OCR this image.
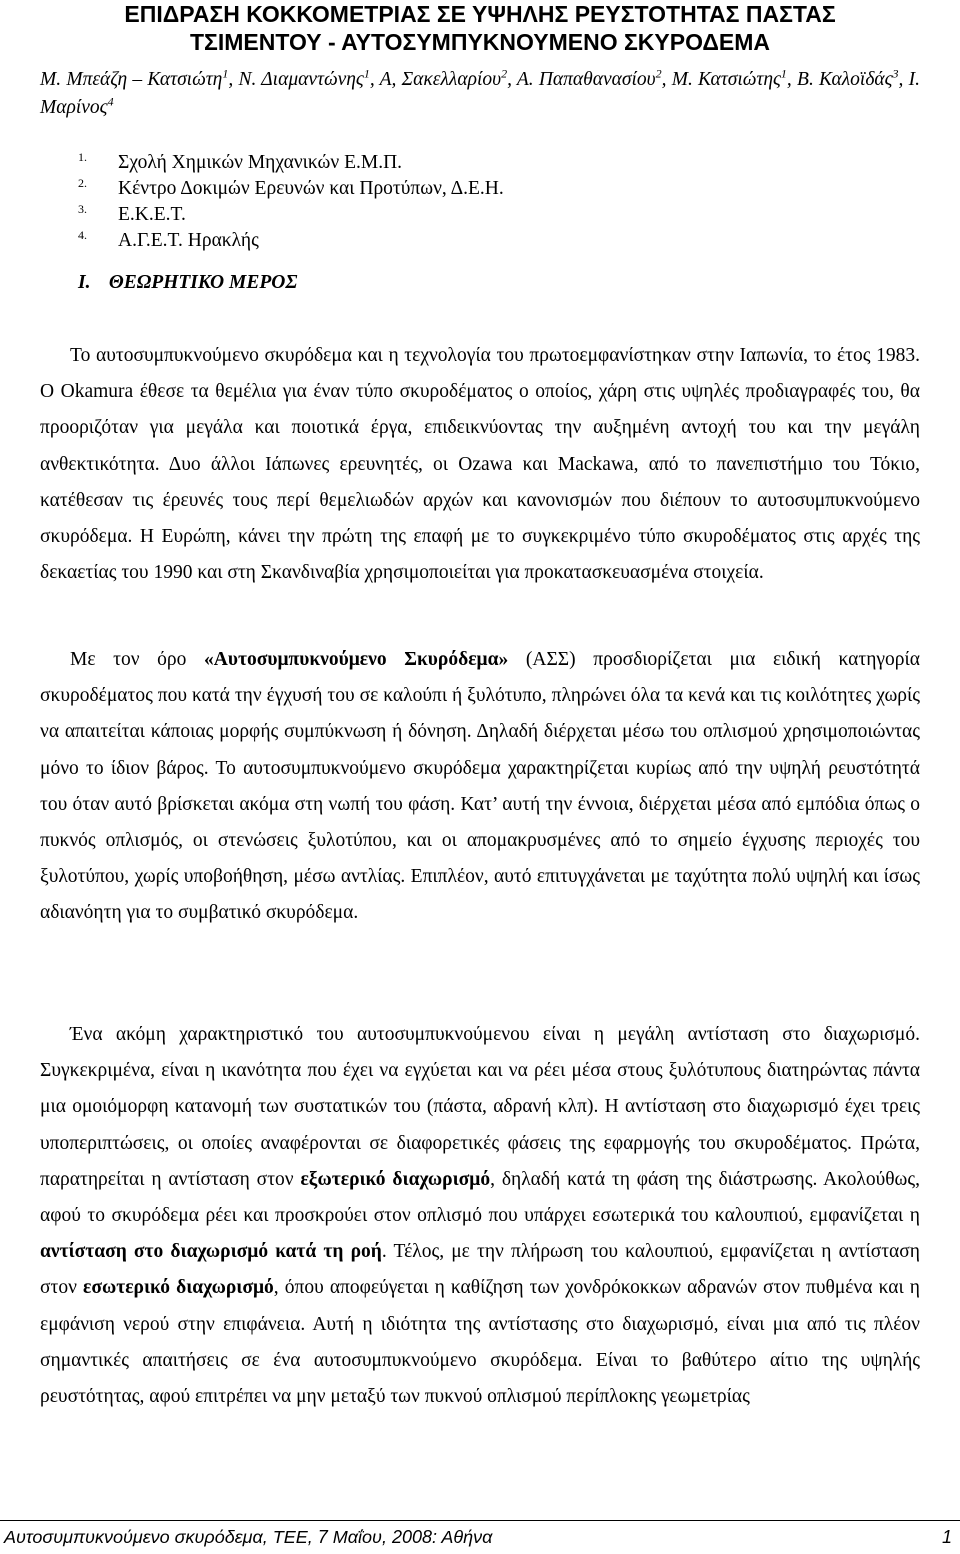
ΕΠΙΔΡΑΣΗ ΚΟΚΚΟΜΕΤΡΙΑΣ ΣΕ ΥΨΗΛΗΣ ΡΕΥΣΤΟΤΗΤΑΣ ΠΑΣΤΑΣ
ΤΣΙΜΕΝΤΟΥ - ΑΥΤΟΣΥΜΠΥΚΝΟΥΜΕΝΟ ΣΚΥΡΟΔΕΜΑ
Μ. Μπεάζη – Κατσιώτη$^1$, Ν. Διαμαντώνης$^1$, Α, Σακελλαρίου$^2$, Α. Παπαθανασίου$^2$, Μ. Κατσιώτης$^1$, Β. Καλοϊδάς$^3$, Ι. Μαρίνος$^4$
1. Σχολή Χημικών Μηχανικών Ε.Μ.Π.
2. Κέντρο Δοκιμών Ερευνών και Προτύπων, Δ.Ε.Η.
3. Ε.Κ.Ε.Τ.
4. Α.Γ.Ε.Τ. Ηρακλής
Ι. ΘΕΩΡΗΤΙΚΟ ΜΕΡΟΣ

Το αυτοσυμπυκνούμενο σκυρόδεμα και η τεχνολογία του πρωτοεμφανίστηκαν στην Ιαπωνία, το έτος 1983. Ο Okamura έθεσε τα θεμέλια για έναν τύπο σκυροδέματος ο οποίος, χάρη στις υψηλές προδιαγραφές του, θα προοριζόταν για μεγάλα και ποιοτικά έργα, επιδεικνύοντας την αυξημένη αντοχή του και την μεγάλη ανθεκτικότητα. Δυο άλλοι Ιάπωνες ερευνητές, οι Ozawa και Mackawa, από το πανεπιστήμιο του Τόκιο, κατέθεσαν τις έρευνές τους περί θεμελιωδών αρχών και κανονισμών που διέπουν το αυτοσυμπυκνούμενο σκυρόδεμα. Η Ευρώπη, κάνει την πρώτη της επαφή με το συγκεκριμένο τύπο σκυροδέματος στις αρχές της δεκαετίας του 1990 και στη Σκανδιναβία χρησιμοποιείται για προκατασκευασμένα στοιχεία.

Με τον όρο «Αυτοσυμπυκνούμενο Σκυρόδεμα» (ΑΣΣ) προσδιορίζεται μια ειδική κατηγορία σκυροδέματος που κατά την έγχυσή του σε καλούπι ή ξυλότυπο, πληρώνει όλα τα κενά και τις κοιλότητες χωρίς να απαιτείται κάποιας μορφής συμπύκνωση ή δόνηση. Δηλαδή διέρχεται μέσω του οπλισμού χρησιμοποιώντας μόνο το ίδιον βάρος. Το αυτοσυμπυκνούμενο σκυρόδεμα χαρακτηρίζεται κυρίως από την υψηλή ρευστότητά του όταν αυτό βρίσκεται ακόμα στη νωπή του φάση. Κατ’ αυτή την έννοια, διέρχεται μέσα από εμπόδια όπως ο πυκνός οπλισμός, οι στενώσεις ξυλοτύπου, και οι απομακρυσμένες από το σημείο έγχυσης περιοχές του ξυλοτύπου, χωρίς υποβοήθηση, μέσω αντλίας. Επιπλέον, αυτό επιτυγχάνεται με ταχύτητα πολύ υψηλή και ίσως αδιανόητη για το συμβατικό σκυρόδεμα.

Ένα ακόμη χαρακτηριστικό του αυτοσυμπυκνούμενου είναι η μεγάλη αντίσταση στο διαχωρισμό. Συγκεκριμένα, είναι η ικανότητα που έχει να εγχύεται και να ρέει μέσα στους ξυλότυπους διατηρώντας πάντα μια ομοιόμορφη κατανομή των συστατικών του (πάστα, αδρανή κλπ). Η αντίσταση στο διαχωρισμό έχει τρεις υποπεριπτώσεις, οι οποίες αναφέρονται σε διαφορετικές φάσεις της εφαρμογής του σκυροδέματος. Πρώτα, παρατηρείται η αντίσταση στον εξωτερικό διαχωρισμό, δηλαδή κατά τη φάση της διάστρωσης. Ακολούθως, αφού το σκυρόδεμα ρέει και προσκρούει στον οπλισμό που υπάρχει εσωτερικά του καλουπιού, εμφανίζεται η αντίσταση στο διαχωρισμό κατά τη ροή. Τέλος, με την πλήρωση του καλουπιού, εμφανίζεται η αντίσταση στον εσωτερικό διαχωρισμό, όπου αποφεύγεται η καθίζηση των χονδρόκοκκων αδρανών στον πυθμένα και η εμφάνιση νερού στην επιφάνεια. Αυτή η ιδιότητα της αντίστασης στο διαχωρισμό, είναι μια από τις πλέον σημαντικές απαιτήσεις σε ένα αυτοσυμπυκνούμενο σκυρόδεμα. Είναι το βαθύτερο αίτιο της υψηλής ρευστότητας, αφού επιτρέπει να μην μεταξύ των πυκνού οπλισμού περίπλοκης γεωμετρίας

Αυτοσυμπυκνούμενο σκυρόδεμα, ΤΕΕ, 7 Μαΐου, 2008: Αθήνα	1
